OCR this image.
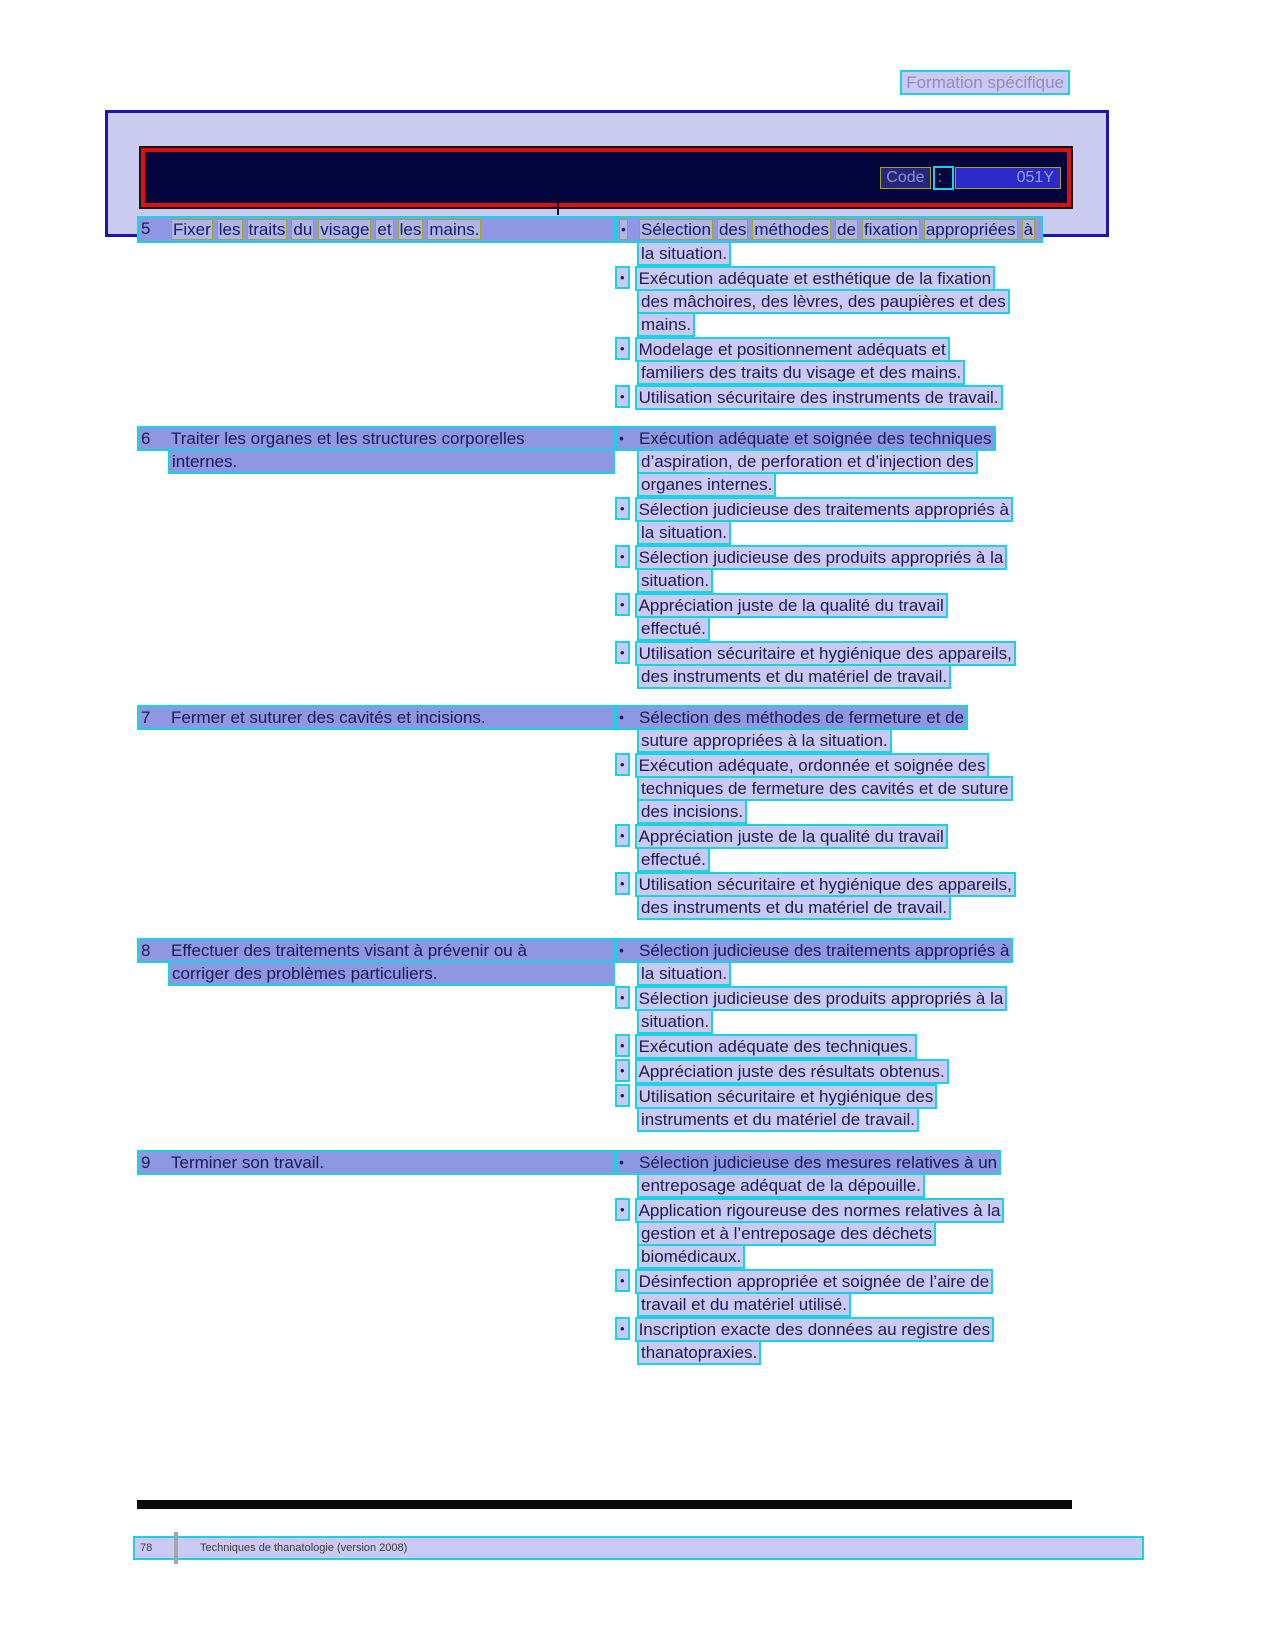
Formation spécifique
Code :	051Y
5	Fixer les traits du visage et les mains.	• Sélection des méthodes de fixation appropriées à
la situation.
• Exécution adéquate et esthétique de la fixation
des mâchoires, des lèvres, des paupières et des
mains.
• Modelage et positionnement adéquats et
familiers des traits du visage et des mains.
• Utilisation sécuritaire des instruments de travail.
6	Traiter les organes et les structures corporelles
internes.
• Exécution adéquate et soignée des techniques
d’aspiration, de perforation et d’injection des
organes internes.
• Sélection judicieuse des traitements appropriés à
la situation.
• Sélection judicieuse des produits appropriés à la
situation.
• Appréciation juste de la qualité du travail
effectué.
• Utilisation sécuritaire et hygiénique des appareils,
des instruments et du matériel de travail.
7	Fermer et suturer des cavités et incisions.	• Sélection des méthodes de fermeture et de
suture appropriées à la situation.
• Exécution adéquate, ordonnée et soignée des
techniques de fermeture des cavités et de suture
des incisions.
• Appréciation juste de la qualité du travail
effectué.
• Utilisation sécuritaire et hygiénique des appareils,
des instruments et du matériel de travail.
8	Effectuer des traitements visant à prévenir ou à
corriger des problèmes particuliers.
• Sélection judicieuse des traitements appropriés à
la situation.
• Sélection judicieuse des produits appropriés à la
situation.
• Exécution adéquate des techniques.
• Appréciation juste des résultats obtenus.
• Utilisation sécuritaire et hygiénique des
instruments et du matériel de travail.
9	Terminer son travail.	• Sélection judicieuse des mesures relatives à un
entreposage adéquat de la dépouille.
• Application rigoureuse des normes relatives à la
gestion et à l’entreposage des déchets
biomédicaux.
• Désinfection appropriée et soignée de l’aire de
travail et du matériel utilisé.
• Inscription exacte des données au registre des
thanatopraxies.
78	Techniques de thanatologie (version 2008)
